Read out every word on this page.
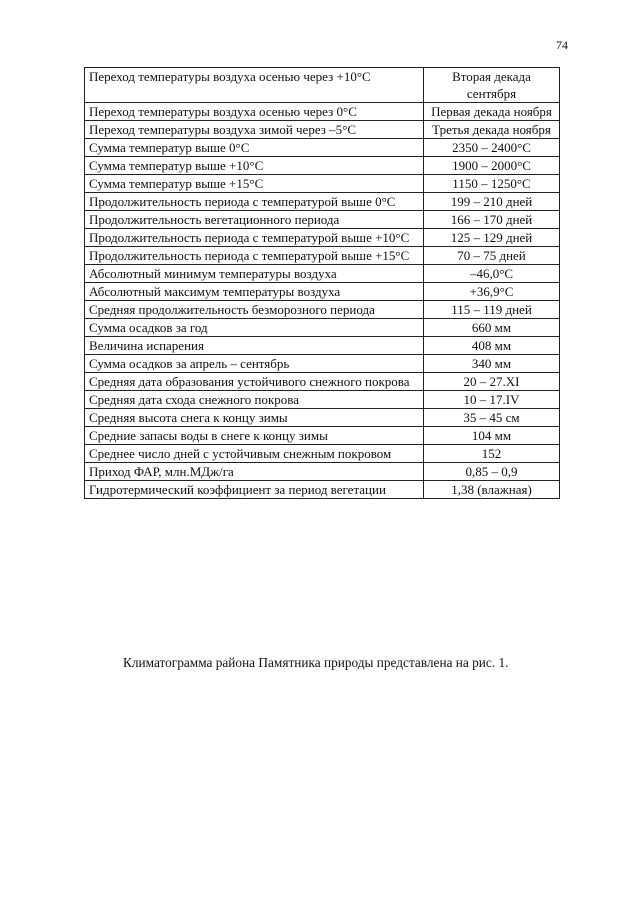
74
Переход температуры воздуха осенью через +10°С	Вторая декада сентября
Переход температуры воздуха осенью через 0°С	Первая декада ноября
Переход температуры воздуха зимой через –5°С	Третья декада ноября
Сумма температур выше 0°С	2350 – 2400°С
Сумма температур выше +10°С	1900 – 2000°С
Сумма температур выше +15°С	1150 – 1250°С
Продолжительность периода с температурой выше 0°С	199 – 210 дней
Продолжительность вегетационного периода	166 – 170 дней
Продолжительность периода с температурой выше +10°С	125 – 129 дней
Продолжительность периода с температурой выше +15°С	70 – 75 дней
Абсолютный минимум температуры воздуха	–46,0°С
Абсолютный максимум температуры воздуха	+36,9°С
Средняя продолжительность безморозного периода	115 – 119 дней
Сумма осадков за год	660 мм
Величина испарения	408 мм
Сумма осадков за апрель – сентябрь	340 мм
Средняя дата образования устойчивого снежного покрова	20 – 27.XI
Средняя дата схода снежного покрова	10 – 17.IV
Средняя высота снега к концу зимы	35 – 45 см
Средние запасы воды в снеге к концу зимы	104 мм
Среднее число дней с устойчивым снежным покровом	152
Приход ФАР, млн.МДж/га	0,85 – 0,9
Гидротермический коэффициент за период вегетации	1,38 (влажная)
Климатограмма района Памятника природы представлена на рис. 1.
